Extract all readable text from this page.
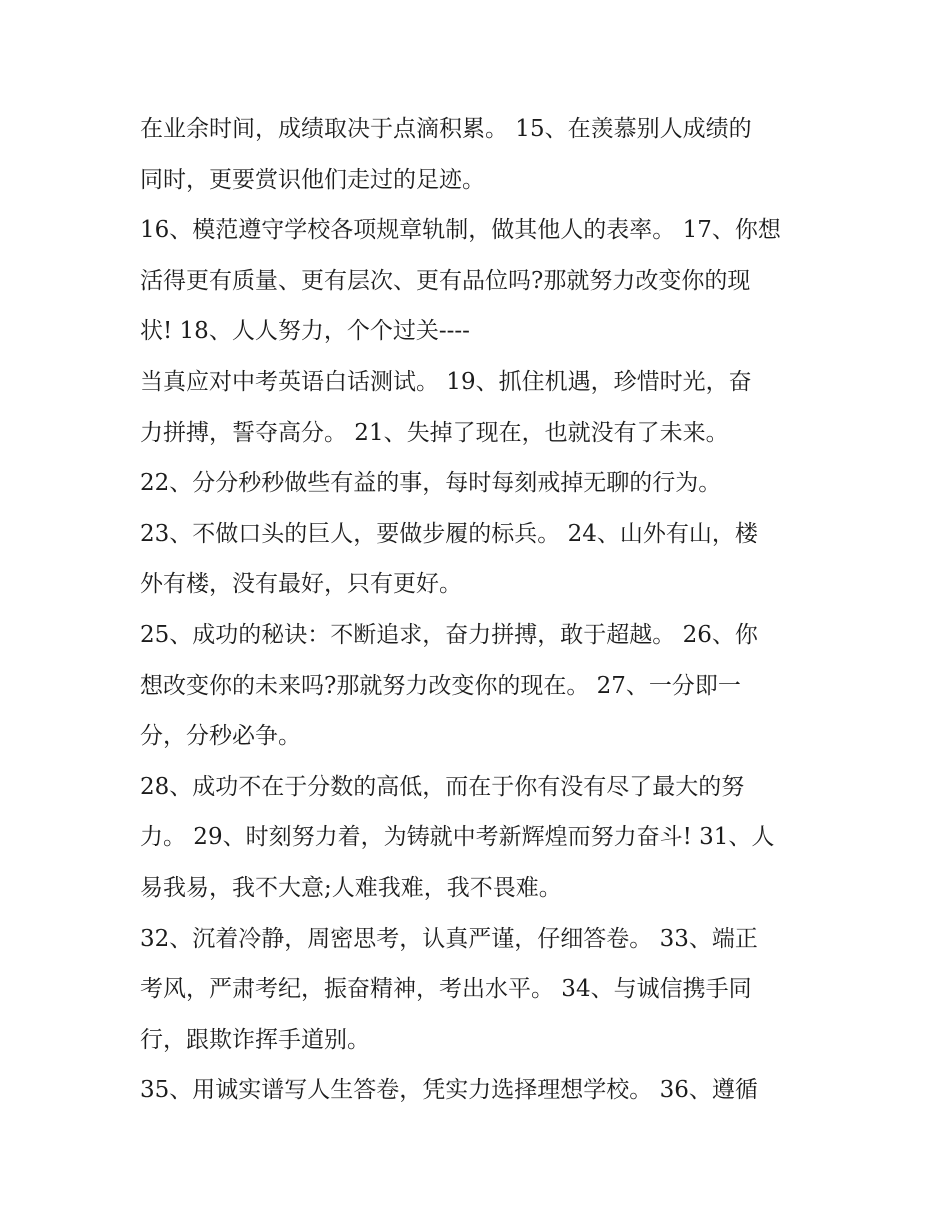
在业余时间，成绩取决于点滴积累。 15、在羡慕别人成绩的
同时，更要赏识他们走过的足迹。
16、模范遵守学校各项规章轨制，做其他人的表率。 17、你想
活得更有质量、更有层次、更有品位吗?那就努力改变你的现
状! 18、人人努力，个个过关----
当真应对中考英语白话测试。 19、抓住机遇，珍惜时光，奋
力拼搏，誓夺高分。 21、失掉了现在，也就没有了未来。
22、分分秒秒做些有益的事，每时每刻戒掉无聊的行为。
23、不做口头的巨人，要做步履的标兵。 24、山外有山，楼
外有楼，没有最好，只有更好。
25、成功的秘诀：不断追求，奋力拼搏，敢于超越。 26、你
想改变你的未来吗?那就努力改变你的现在。 27、一分即一
分，分秒必争。
28、成功不在于分数的高低，而在于你有没有尽了最大的努
力。 29、时刻努力着，为铸就中考新辉煌而努力奋斗! 31、人
易我易，我不大意;人难我难，我不畏难。
32、沉着冷静，周密思考，认真严谨，仔细答卷。 33、端正
考风，严肃考纪，振奋精神，考出水平。 34、与诚信携手同
行，跟欺诈挥手道别。
35、用诚实谱写人生答卷，凭实力选择理想学校。 36、遵循
